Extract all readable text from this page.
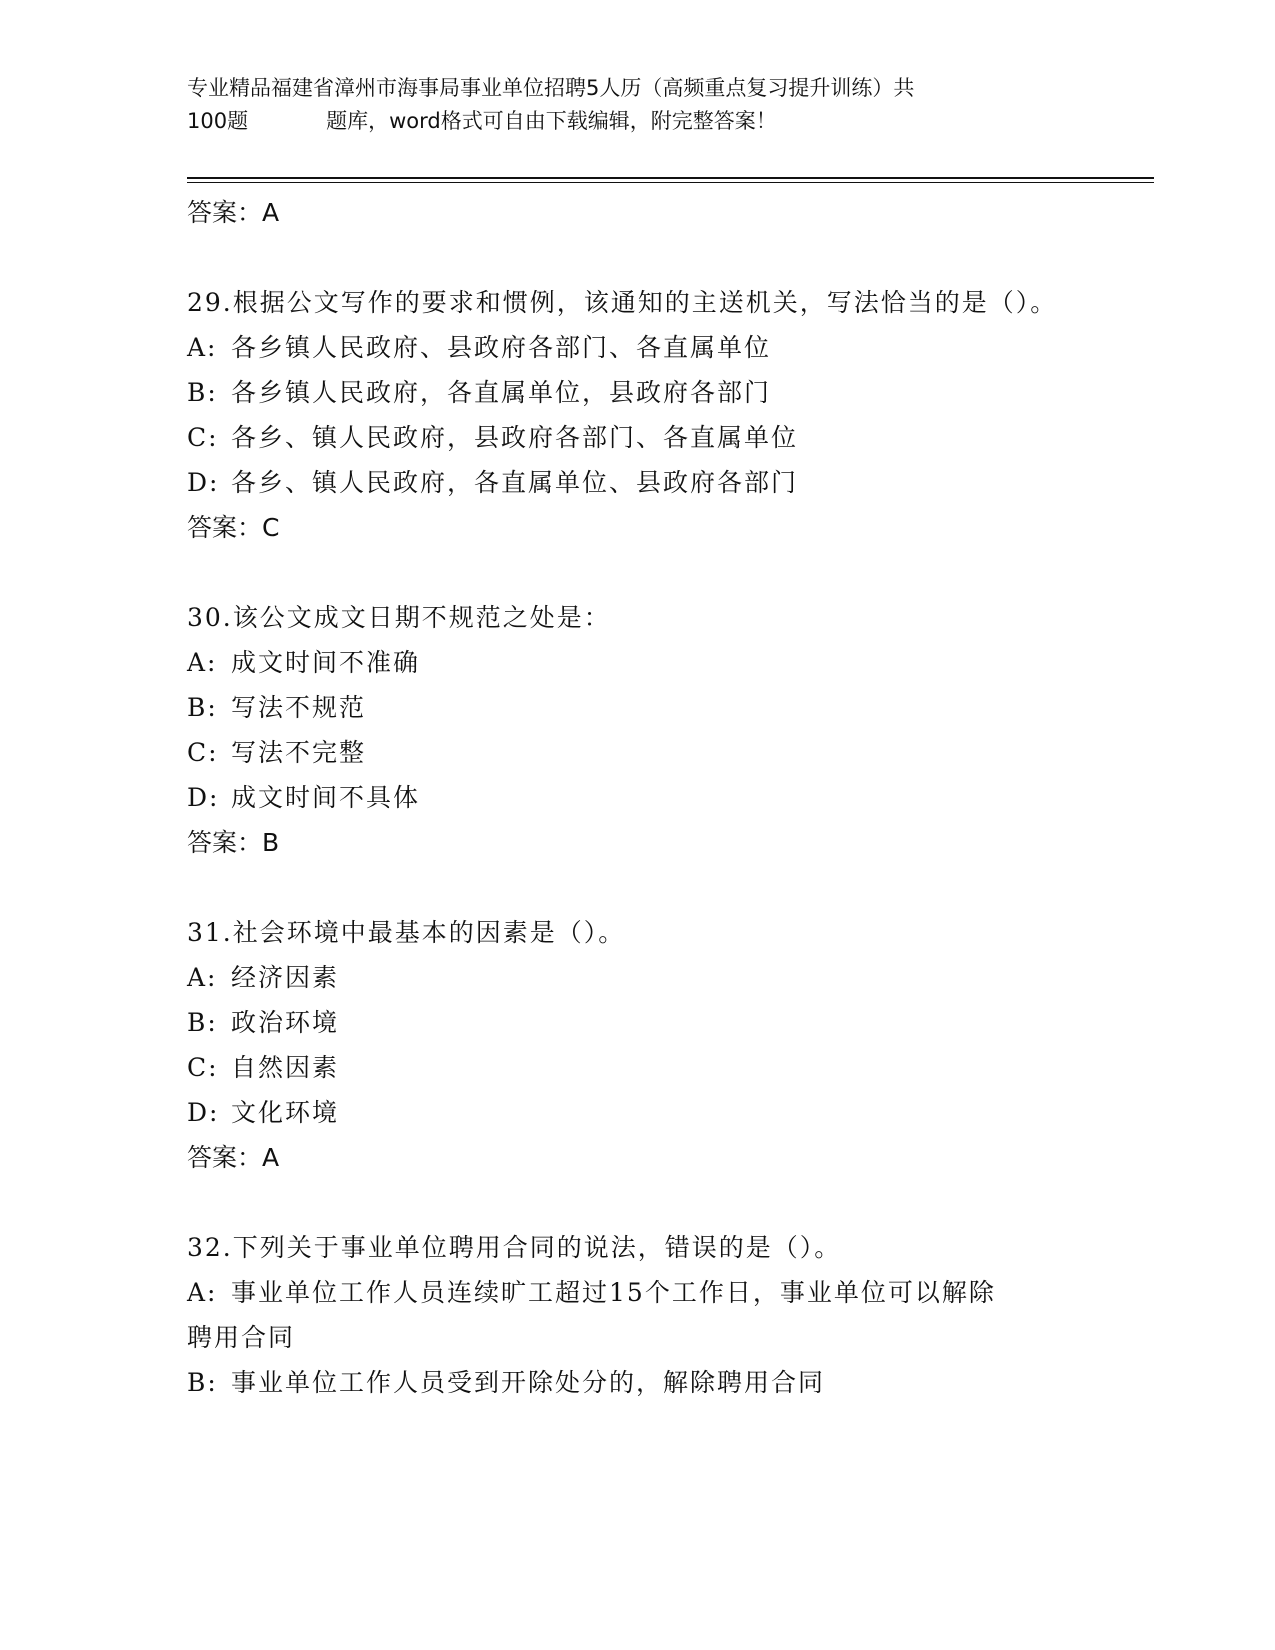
专业精品福建省漳州市海事局事业单位招聘5人历（高频重点复习提升训练）共
100题	题库，word格式可自由下载编辑，附完整答案！
答案：A
29.根据公文写作的要求和惯例，该通知的主送机关，写法恰当的是（）。
A: 各乡镇人民政府、县政府各部门、各直属单位
B: 各乡镇人民政府，各直属单位，县政府各部门
C: 各乡、镇人民政府，县政府各部门、各直属单位
D: 各乡、镇人民政府，各直属单位、县政府各部门
答案：C
30.该公文成文日期不规范之处是：
A: 成文时间不准确
B: 写法不规范
C: 写法不完整
D: 成文时间不具体
答案：B
31.社会环境中最基本的因素是（）。
A: 经济因素
B: 政治环境
C: 自然因素
D: 文化环境
答案：A
32.下列关于事业单位聘用合同的说法，错误的是（）。
A: 事业单位工作人员连续旷工超过15个工作日，事业单位可以解除
聘用合同
B: 事业单位工作人员受到开除处分的，解除聘用合同
